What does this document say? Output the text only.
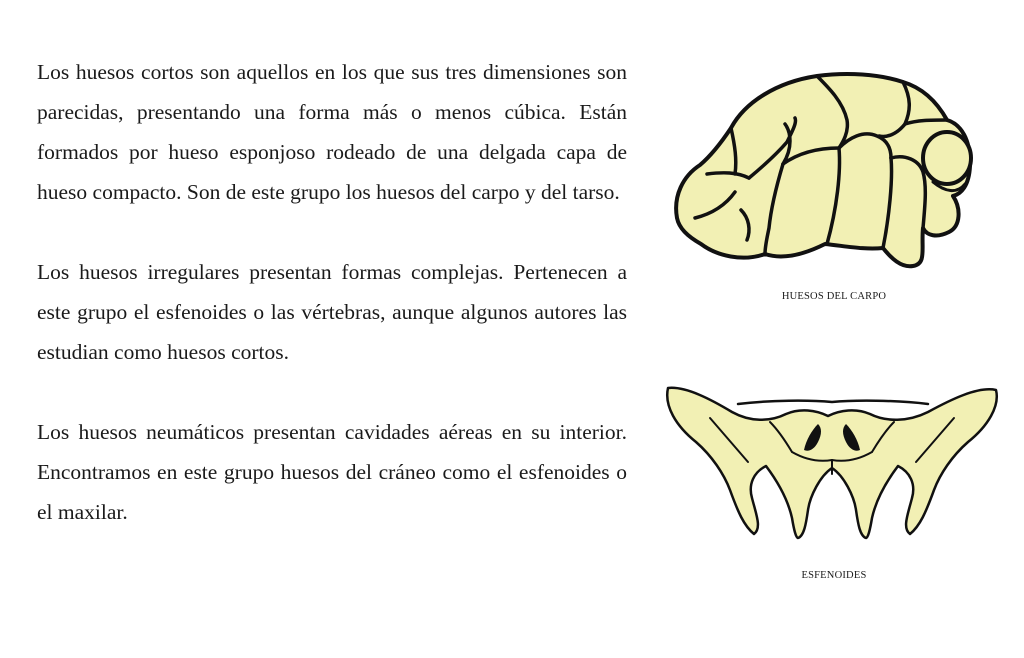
Los huesos cortos son aquellos en los que sus tres dimensiones son parecidas, presentando una forma más o menos cúbica. Están formados por hueso esponjoso rodeado de una delgada capa de hueso compacto. Son de este grupo los huesos del carpo y del tarso.

Los huesos irregulares presentan formas complejas. Pertenecen a este grupo el esfenoides o las vértebras, aunque algunos autores las estudian como huesos cortos.

Los huesos neumáticos presentan cavidades aéreas en su interior. Encontramos en este grupo huesos del cráneo como el esfenoides o el maxilar.

HUESOS DEL CARPO
ESFENOIDES
